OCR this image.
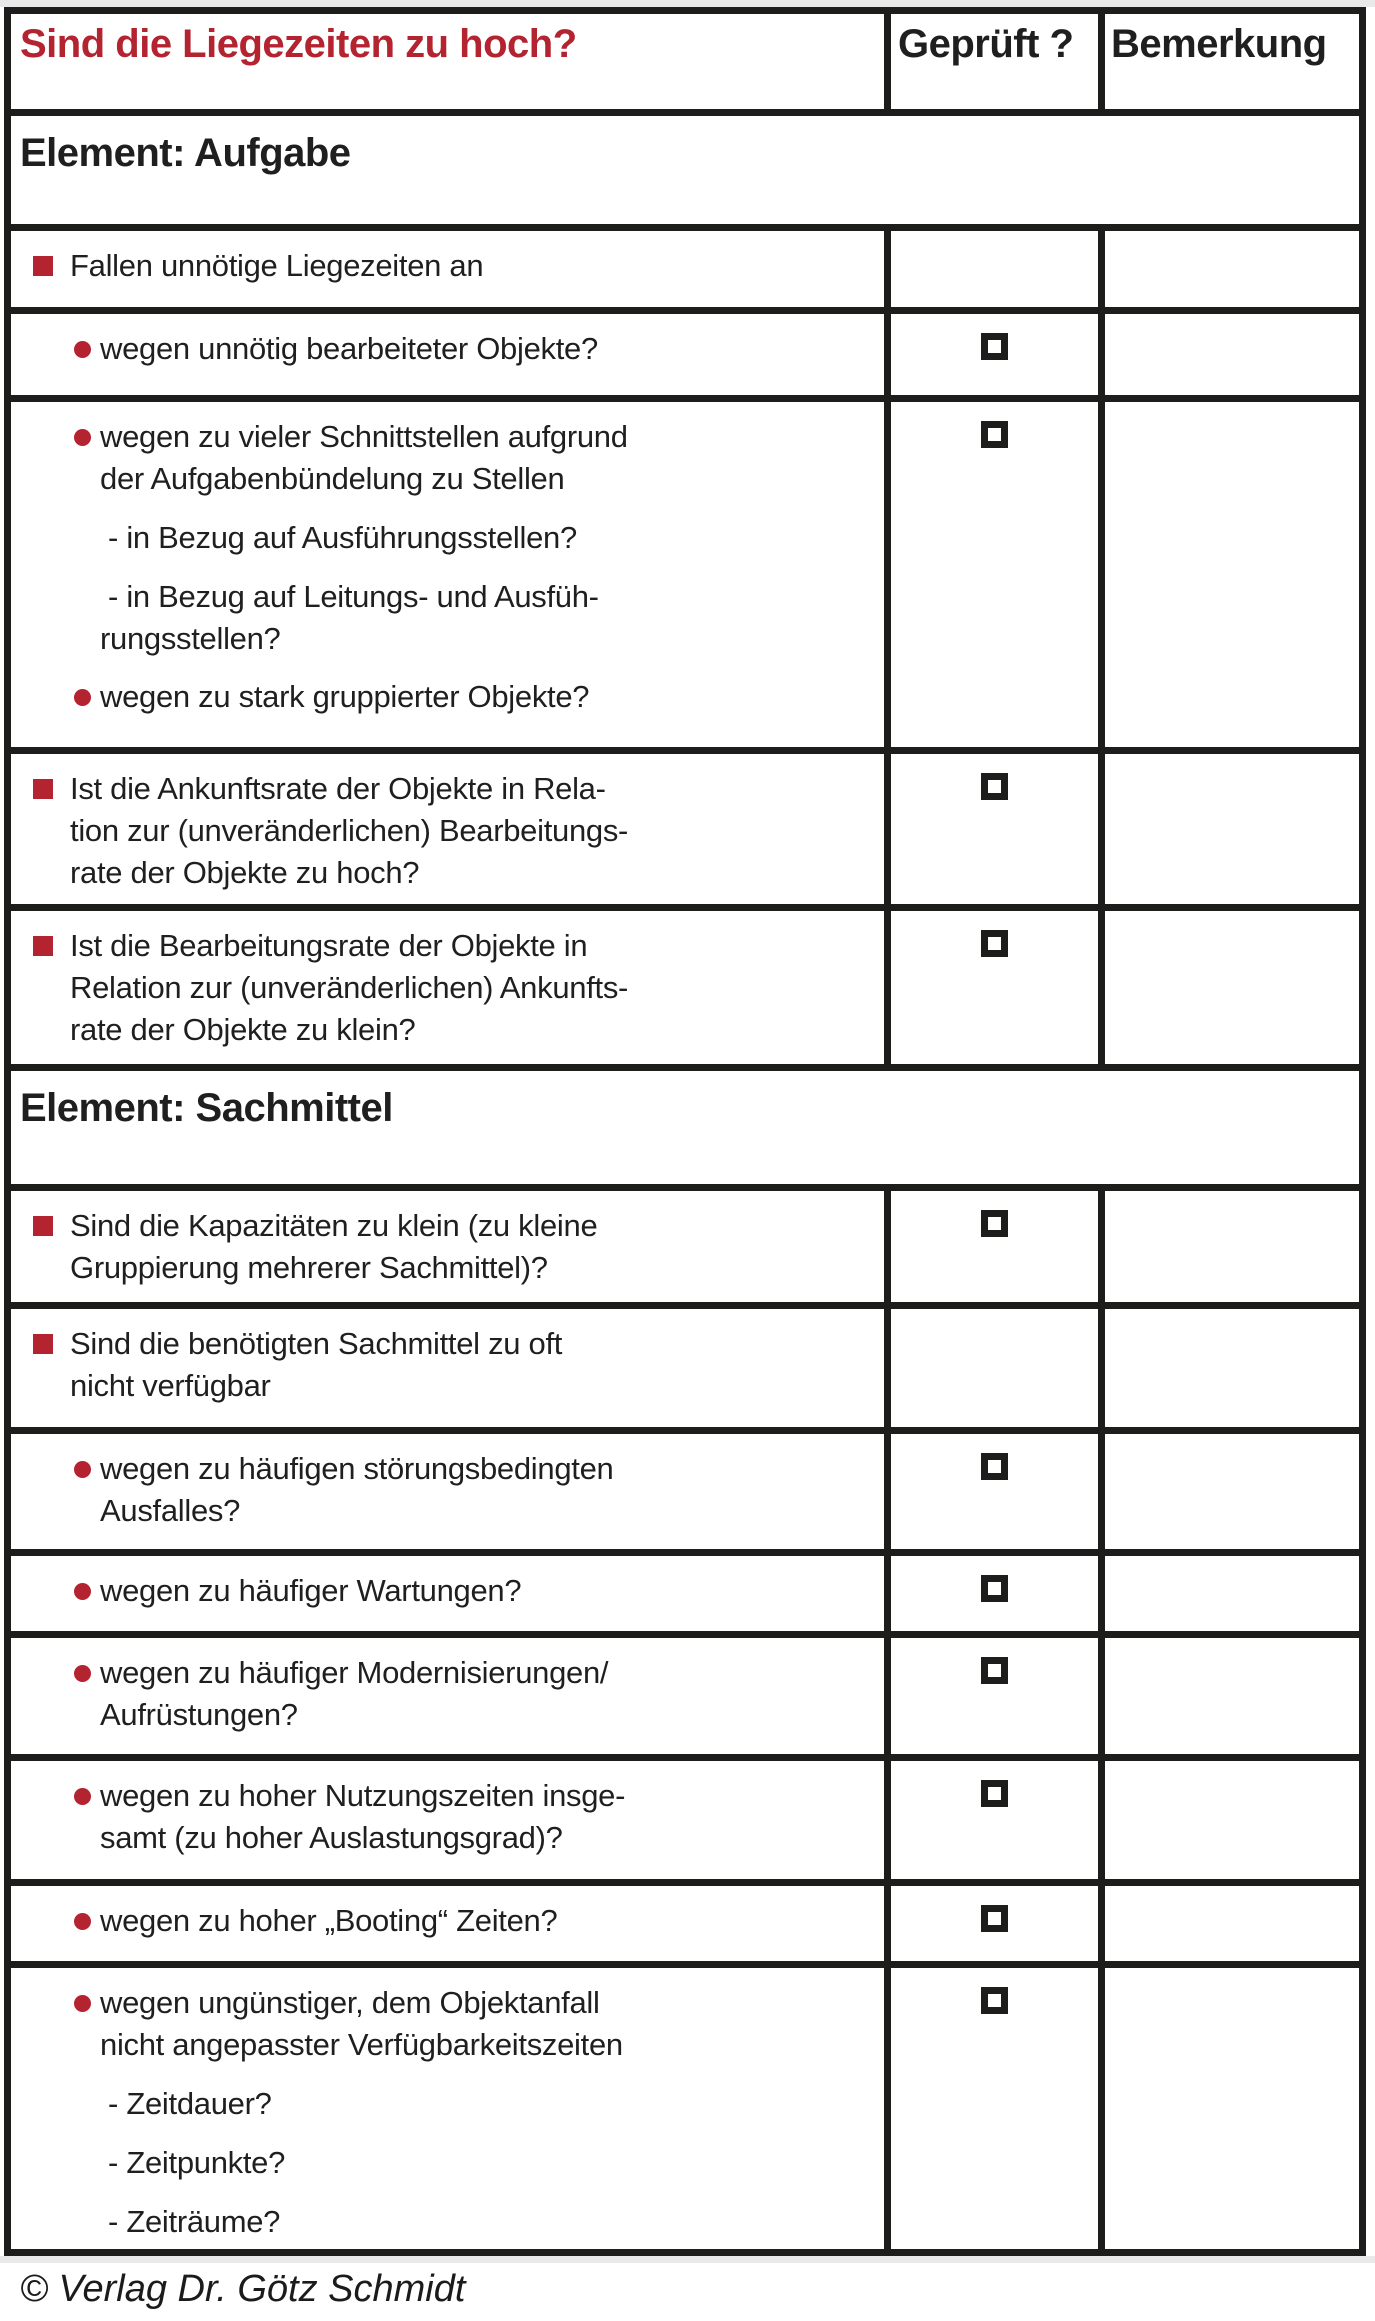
Sind die Liegezeiten zu hoch?	Geprüft ? Bemerkung
Element: Aufgabe
Fallen unnötige Liegezeiten an
wegen unnötig bearbeiteter Objekte?
wegen zu vieler Schnittstellen aufgrund
der Aufgabenbündelung zu Stellen
- in Bezug auf Ausführungsstellen?
- in Bezug auf Leitungs- und Ausfüh-
rungsstellen?
wegen zu stark gruppierter Objekte?
Ist die Ankunftsrate der Objekte in Rela-
tion zur (unveränderlichen) Bearbeitungs-
rate der Objekte zu hoch?
Ist die Bearbeitungsrate der Objekte in
Relation zur (unveränderlichen) Ankunfts-
rate der Objekte zu klein?
Element: Sachmittel
Sind die Kapazitäten zu klein (zu kleine
Gruppierung mehrerer Sachmittel)?
Sind die benötigten Sachmittel zu oft
nicht verfügbar
wegen zu häufigen störungsbedingten
Ausfalles?
wegen zu häufiger Wartungen?
wegen zu häufiger Modernisierungen/
Aufrüstungen?
wegen zu hoher Nutzungszeiten insge-
samt (zu hoher Auslastungsgrad)?
wegen zu hoher „Booting“ Zeiten?
wegen ungünstiger, dem Objektanfall
nicht angepasster Verfügbarkeitszeiten
- Zeitdauer?
- Zeitpunkte?
- Zeiträume?
© Verlag Dr. Götz Schmidt
